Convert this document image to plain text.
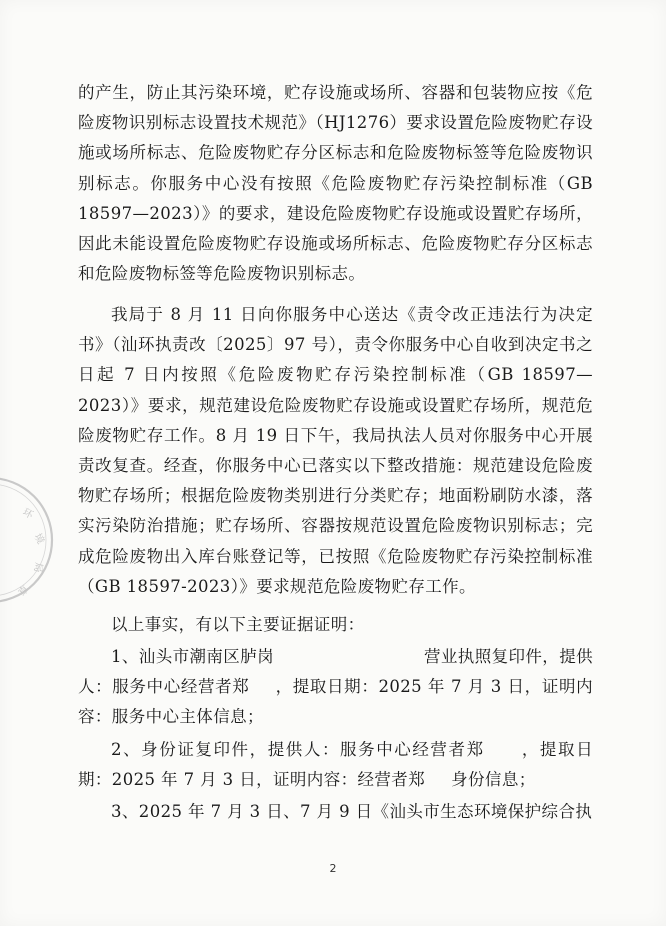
的产生，防止其污染环境，贮存设施或场所、容器和包装物应按《危险废物识别标志设置技术规范》（HJ1276）要求设置危险废物贮存设施或场所标志、危险废物贮存分区标志和危险废物标签等危险废物识别标志。你服务中心没有按照《危险废物贮存污染控制标准（GB 18597—2023）》的要求，建设危险废物贮存设施或设置贮存场所，因此未能设置危险废物贮存设施或场所标志、危险废物贮存分区标志和危险废物标签等危险废物识别标志。

我局于 8 月 11 日向你服务中心送达《责令改正违法行为决定书》（汕环执责改〔2025〕97 号），责令你服务中心自收到决定书之日起 7 日内按照《危险废物贮存污染控制标准（GB 18597—2023）》要求，规范建设危险废物贮存设施或设置贮存场所，规范危险废物贮存工作。8 月 19 日下午，我局执法人员对你服务中心开展责改复查。经查，你服务中心已落实以下整改措施：规范建设危险废物贮存场所；根据危险废物类别进行分类贮存；地面粉刷防水漆，落实污染防治措施；贮存场所、容器按规范设置危险废物识别标志；完成危险废物出入库台账登记等，已按照《危险废物贮存污染控制标准（GB 18597-2023）》要求规范危险废物贮存工作。

以上事实，有以下主要证据证明：

1、汕头市潮南区胪岗	营业执照复印件，提供人：服务中心经营者郑 ，提取日期：2025 年 7 月 3 日，证明内容：服务中心主体信息；

2、身份证复印件，提供人：服务中心经营者郑 ，提取日期：2025 年 7 月 3 日，证明内容：经营者郑 身份信息；

3、2025 年 7 月 3 日、7 月 9 日《汕头市生态环境保护综合执

2
环
境
局
章
